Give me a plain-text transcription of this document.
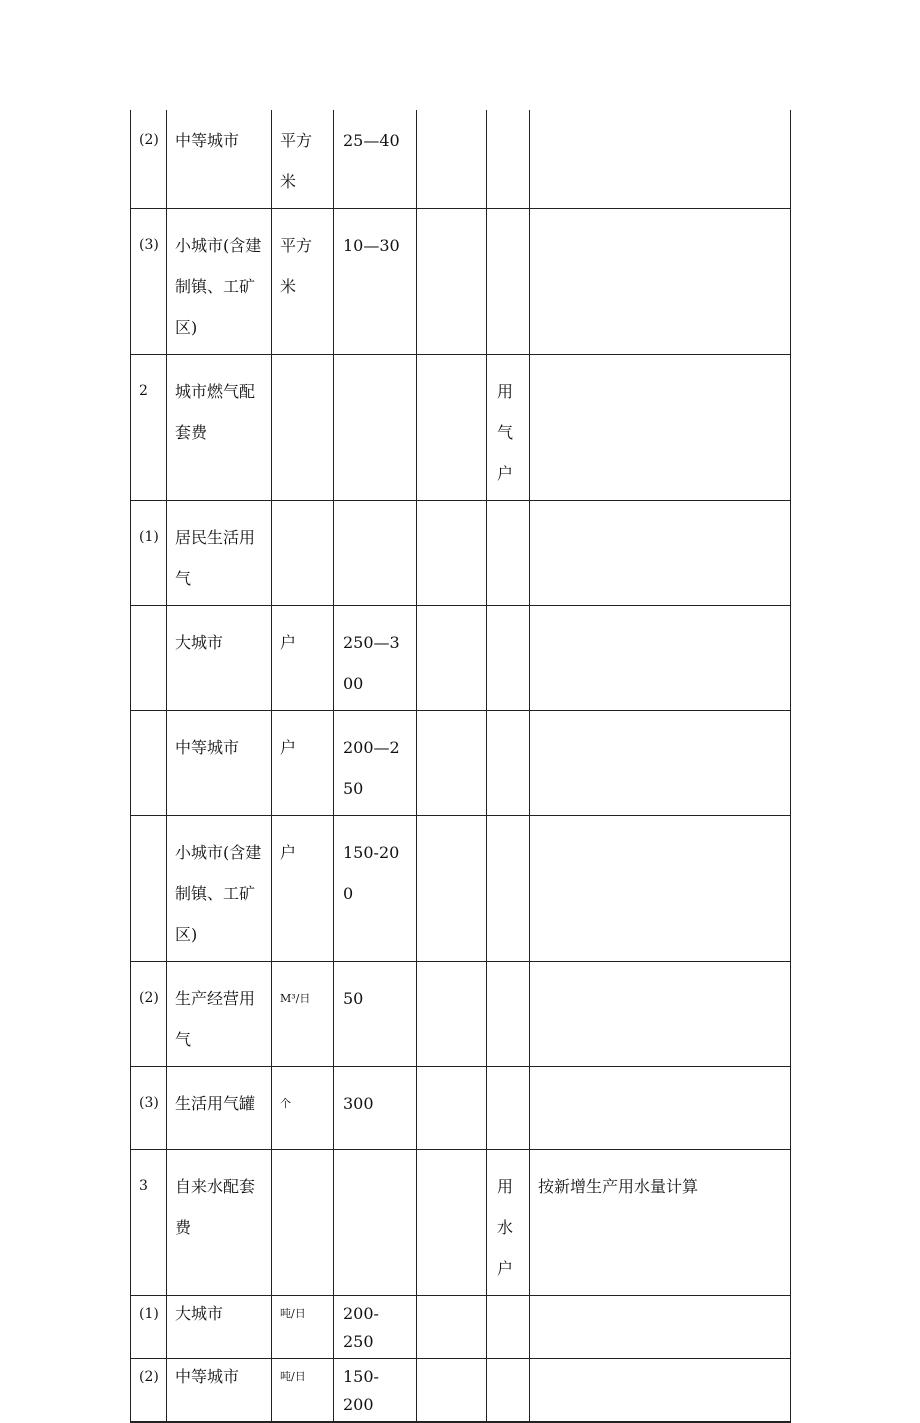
(2)	中等城市	平方米	25—40			

(3)	小城市(含建制镇、工矿区)	平方米	10—30			

2	城市燃气配套费				用气户	

(1)	居民生活用气					

	大城市	户	250—300			

	中等城市	户	200—250			

	小城市(含建制镇、工矿区)	户	150-200			

(2)	生产经营用气	M³/日	50			

(3)	生活用气罐	个	300			

3	自来水配套费				用水户	按新增生产用水量计算

(1)	大城市	吨/日	200-250			

(2)	中等城市	吨/日	150-200			
